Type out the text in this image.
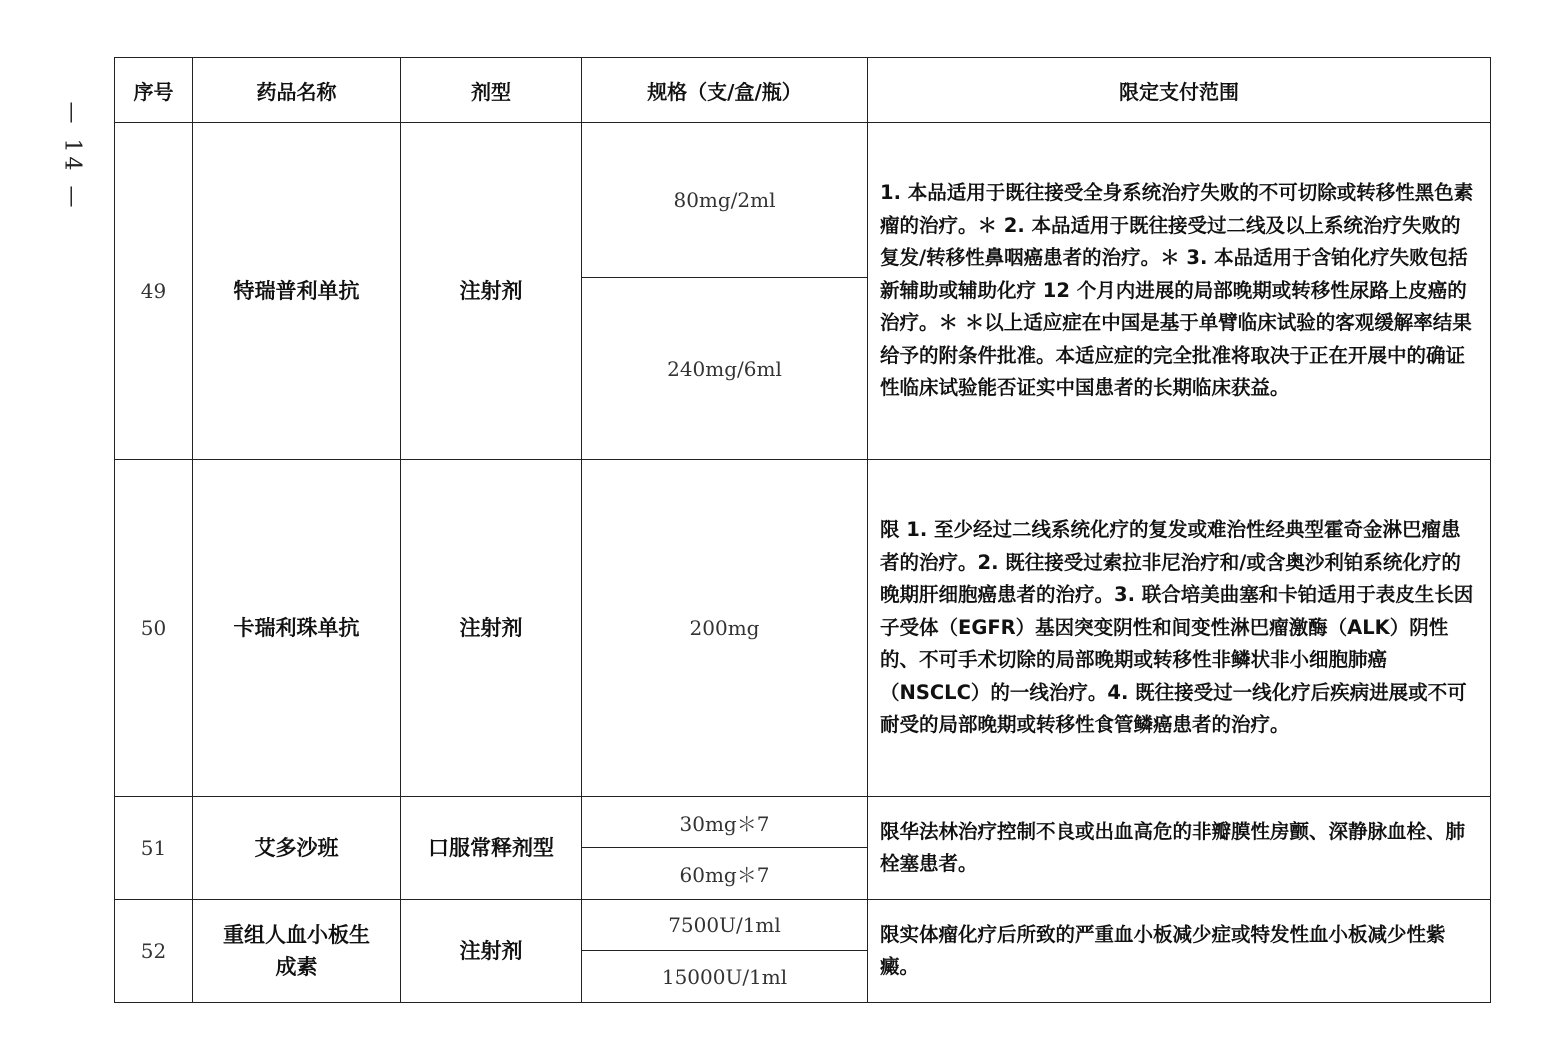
— 14 —
序号	药品名称	剂型	规格（支/盒/瓶）	限定支付范围
49	特瑞普利单抗	注射剂	80mg/2ml	1. 本品适用于既往接受全身系统治疗失败的不可切除或转移性黑色素瘤的治疗。＊ 2. 本品适用于既往接受过二线及以上系统治疗失败的复发/转移性鼻咽癌患者的治疗。＊ 3. 本品适用于含铂化疗失败包括新辅助或辅助化疗 12 个月内进展的局部晚期或转移性尿路上皮癌的治疗。＊ ＊以上适应症在中国是基于单臂临床试验的客观缓解率结果给予的附条件批准。本适应症的完全批准将取决于正在开展中的确证性临床试验能否证实中国患者的长期临床获益。
			240mg/6ml	
50	卡瑞利珠单抗	注射剂	200mg	限 1. 至少经过二线系统化疗的复发或难治性经典型霍奇金淋巴瘤患者的治疗。2. 既往接受过索拉非尼治疗和/或含奥沙利铂系统化疗的晚期肝细胞癌患者的治疗。3. 联合培美曲塞和卡铂适用于表皮生长因子受体（EGFR）基因突变阴性和间变性淋巴瘤激酶（ALK）阴性的、不可手术切除的局部晚期或转移性非鳞状非小细胞肺癌（NSCLC）的一线治疗。4. 既往接受过一线化疗后疾病进展或不可耐受的局部晚期或转移性食管鳞癌患者的治疗。
51	艾多沙班	口服常释剂型	30mg＊7	限华法林治疗控制不良或出血高危的非瓣膜性房颤、深静脉血栓、肺栓塞患者。
			60mg＊7	
52	重组人血小板生成素	注射剂	7500U/1ml	限实体瘤化疗后所致的严重血小板减少症或特发性血小板减少性紫癜。
			15000U/1ml	
